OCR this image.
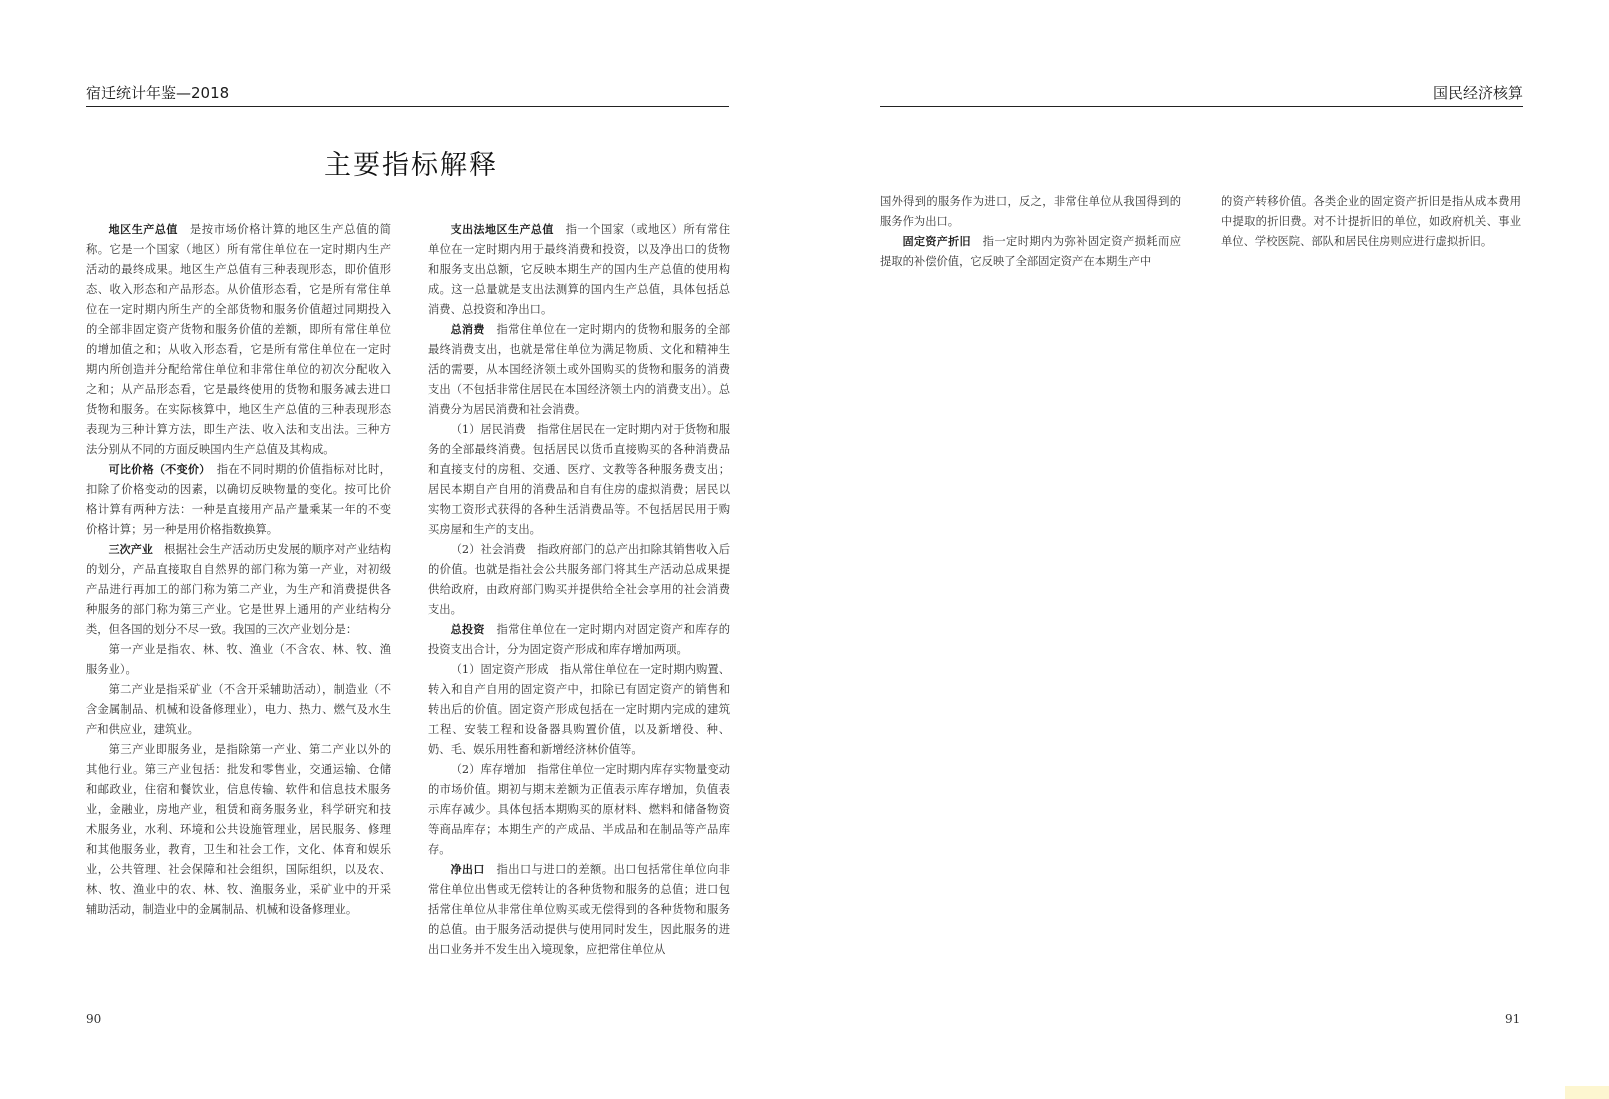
宿迁统计年鉴—2018
主要指标解释

地区生产总值　 是按市场价格计算的地区生产总值的简称。它是一个国家（地区）所有常住单位在一定时期内生产活动的最终成果。地区生产总值有三种表现形态，即价值形态、收入形态和产品形态。从价值形态看，它是所有常住单位在一定时期内所生产的全部货物和服务价值超过同期投入的全部非固定资产货物和服务价值的差额，即所有常住单位的增加值之和；从收入形态看，它是所有常住单位在一定时期内所创造并分配给常住单位和非常住单位的初次分配收入之和；从产品形态看，它是最终使用的货物和服务减去进口货物和服务。在实际核算中，地区生产总值的三种表现形态表现为三种计算方法，即生产法、收入法和支出法。三种方法分别从不同的方面反映国内生产总值及其构成。

可比价格（不变价）　 指在不同时期的价值指标对比时，扣除了价格变动的因素，以确切反映物量的变化。按可比价格计算有两种方法：一种是直接用产品产量乘某一年的不变价格计算；另一种是用价格指数换算。

三次产业　 根据社会生产活动历史发展的顺序对产业结构的划分，产品直接取自自然界的部门称为第一产业，对初级产品进行再加工的部门称为第二产业，为生产和消费提供各种服务的部门称为第三产业。它是世界上通用的产业结构分类，但各国的划分不尽一致。我国的三次产业划分是：

第一产业是指农、林、牧、渔业（不含农、林、牧、渔服务业）。

第二产业是指采矿业（不含开采辅助活动），制造业（不含金属制品、机械和设备修理业），电力、热力、燃气及水生产和供应业，建筑业。

第三产业即服务业，是指除第一产业、第二产业以外的其他行业。第三产业包括：批发和零售业，交通运输、仓储和邮政业，住宿和餐饮业，信息传输、软件和信息技术服务业，金融业，房地产业，租赁和商务服务业，科学研究和技术服务业，水利、环境和公共设施管理业，居民服务、修理和其他服务业，教育，卫生和社会工作，文化、体育和娱乐业，公共管理、社会保障和社会组织，国际组织，以及农、林、牧、渔业中的农、林、牧、渔服务业，采矿业中的开采辅助活动，制造业中的金属制品、机械和设备修理业。

支出法地区生产总值　 指一个国家（或地区）所有常住单位在一定时期内用于最终消费和投资，以及净出口的货物和服务支出总额，它反映本期生产的国内生产总值的使用构成。这一总量就是支出法测算的国内生产总值，具体包括总消费、总投资和净出口。

总消费　 指常住单位在一定时期内的货物和服务的全部最终消费支出，也就是常住单位为满足物质、文化和精神生活的需要，从本国经济领土或外国购买的货物和服务的消费支出（不包括非常住居民在本国经济领土内的消费支出）。总消费分为居民消费和社会消费。

（1）居民消费　指常住居民在一定时期内对于货物和服务的全部最终消费。包括居民以货币直接购买的各种消费品和直接支付的房租、交通、医疗、文教等各种服务费支出；居民本期自产自用的消费品和自有住房的虚拟消费；居民以实物工资形式获得的各种生活消费品等。不包括居民用于购买房屋和生产的支出。

（2）社会消费　指政府部门的总产出扣除其销售收入后的价值。也就是指社会公共服务部门将其生产活动总成果提供给政府，由政府部门购买并提供给全社会享用的社会消费支出。

总投资　 指常住单位在一定时期内对固定资产和库存的投资支出合计，分为固定资产形成和库存增加两项。

（1）固定资产形成　指从常住单位在一定时期内购置、转入和自产自用的固定资产中，扣除已有固定资产的销售和转出后的价值。固定资产形成包括在一定时期内完成的建筑工程、安装工程和设备器具购置价值，以及新增役、种、奶、毛、娱乐用牲畜和新增经济林价值等。

（2）库存增加　指常住单位一定时期内库存实物量变动的市场价值。期初与期末差额为正值表示库存增加，负值表示库存减少。具体包括本期购买的原材料、燃料和储备物资等商品库存；本期生产的产成品、半成品和在制品等产品库存。

净出口　 指出口与进口的差额。出口包括常住单位向非常住单位出售或无偿转让的各种货物和服务的总值；进口包括常住单位从非常住单位购买或无偿得到的各种货物和服务的总值。由于服务活动提供与使用同时发生，因此服务的进出口业务并不发生出入境现象，应把常住单位从

90
国民经济核算

国外得到的服务作为进口，反之，非常住单位从我国得到的服务作为出口。

固定资产折旧　 指一定时期内为弥补固定资产损耗而应提取的补偿价值，它反映了全部固定资产在本期生产中

的资产转移价值。各类企业的固定资产折旧是指从成本费用中提取的折旧费。对不计提折旧的单位，如政府机关、事业单位、学校医院、部队和居民住房则应进行虚拟折旧。

91
